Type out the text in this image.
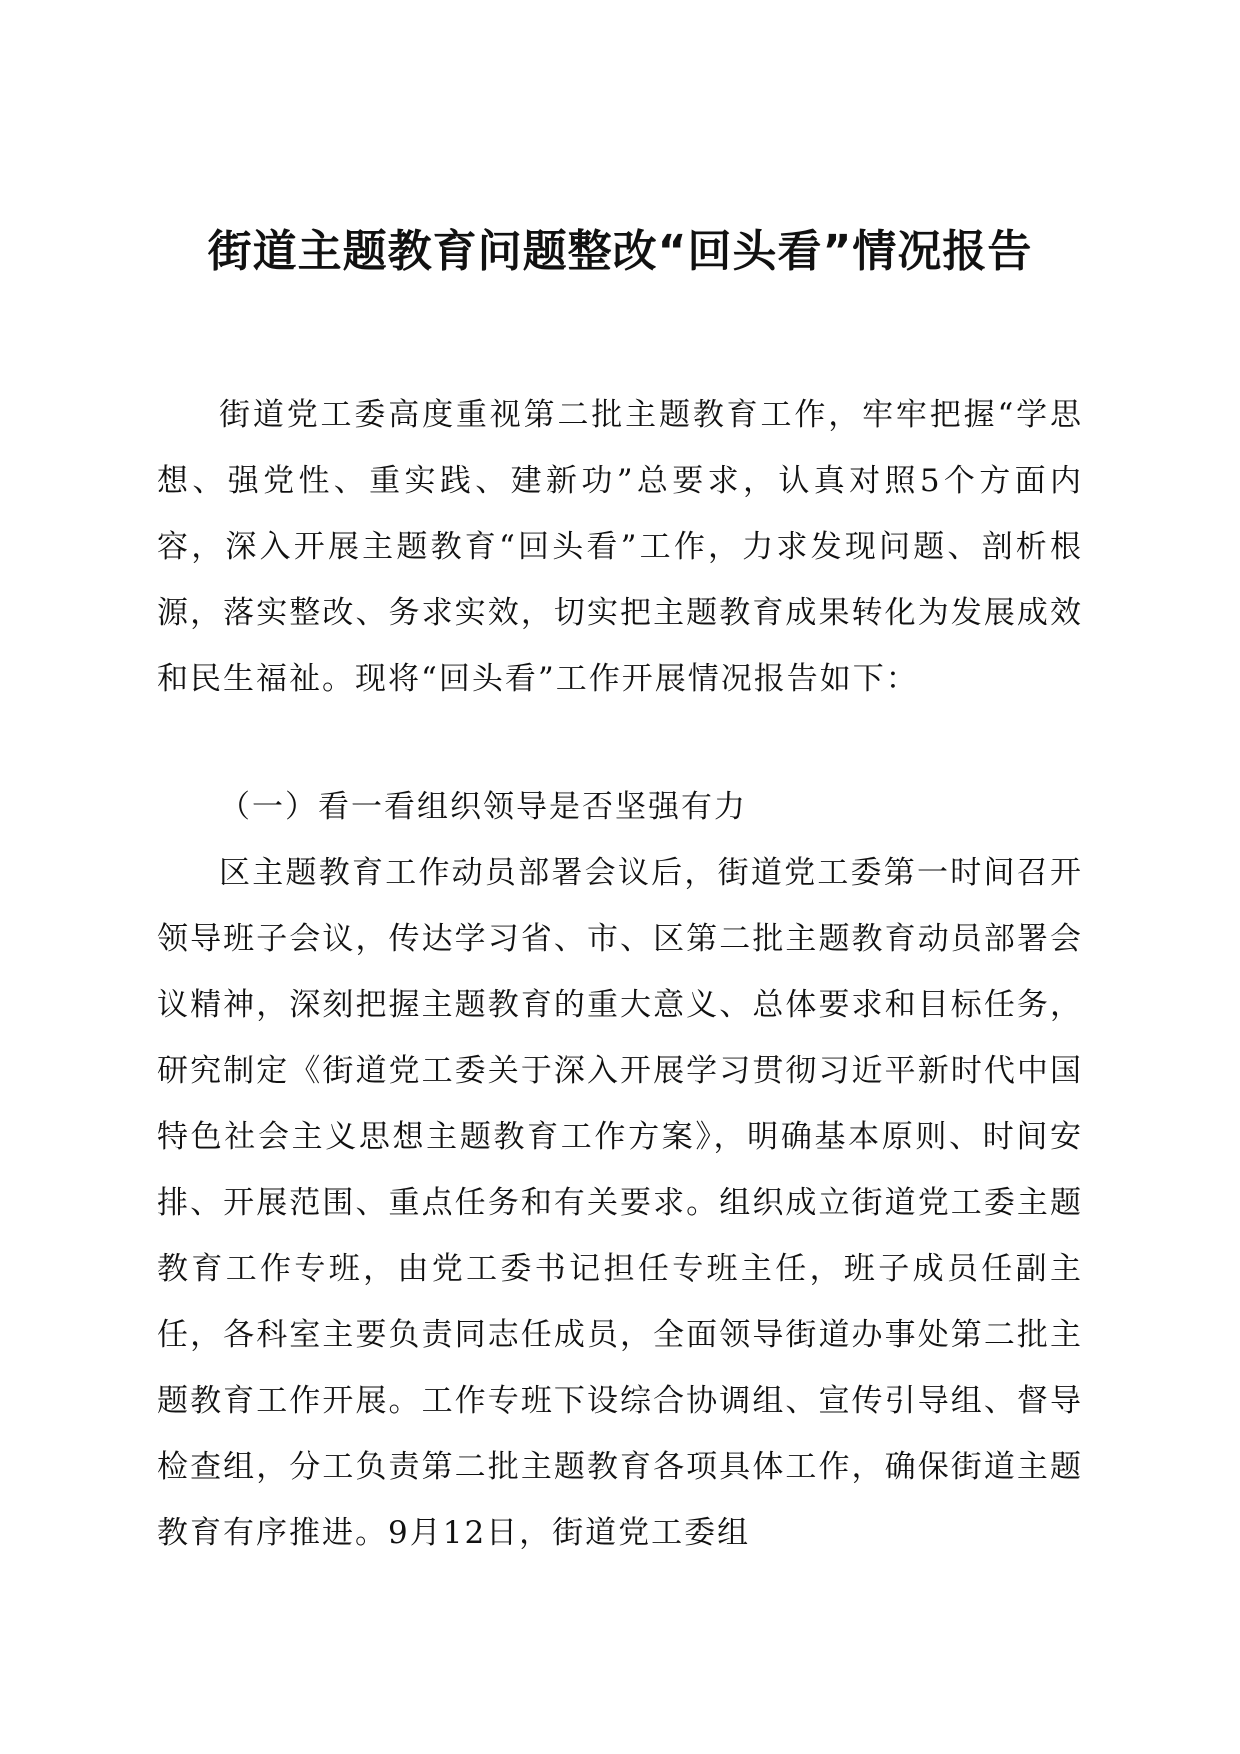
街道主题教育问题整改“回头看”情况报告

街道党工委高度重视第二批主题教育工作，牢牢把握“学思想、强党性、重实践、建新功”总要求，认真对照5个方面内容，深入开展主题教育“回头看”工作，力求发现问题、剖析根源，落实整改、务求实效，切实把主题教育成果转化为发展成效和民生福祉。现将“回头看”工作开展情况报告如下：

（一）看一看组织领导是否坚强有力

区主题教育工作动员部署会议后，街道党工委第一时间召开领导班子会议，传达学习省、市、区第二批主题教育动员部署会议精神，深刻把握主题教育的重大意义、总体要求和目标任务，研究制定《街道党工委关于深入开展学习贯彻习近平新时代中国特色社会主义思想主题教育工作方案》，明确基本原则、时间安排、开展范围、重点任务和有关要求。组织成立街道党工委主题教育工作专班，由党工委书记担任专班主任，班子成员任副主任，各科室主要负责同志任成员，全面领导街道办事处第二批主题教育工作开展。工作专班下设综合协调组、宣传引导组、督导检查组，分工负责第二批主题教育各项具体工作，确保街道主题教育有序推进。9月12日，街道党工委组
